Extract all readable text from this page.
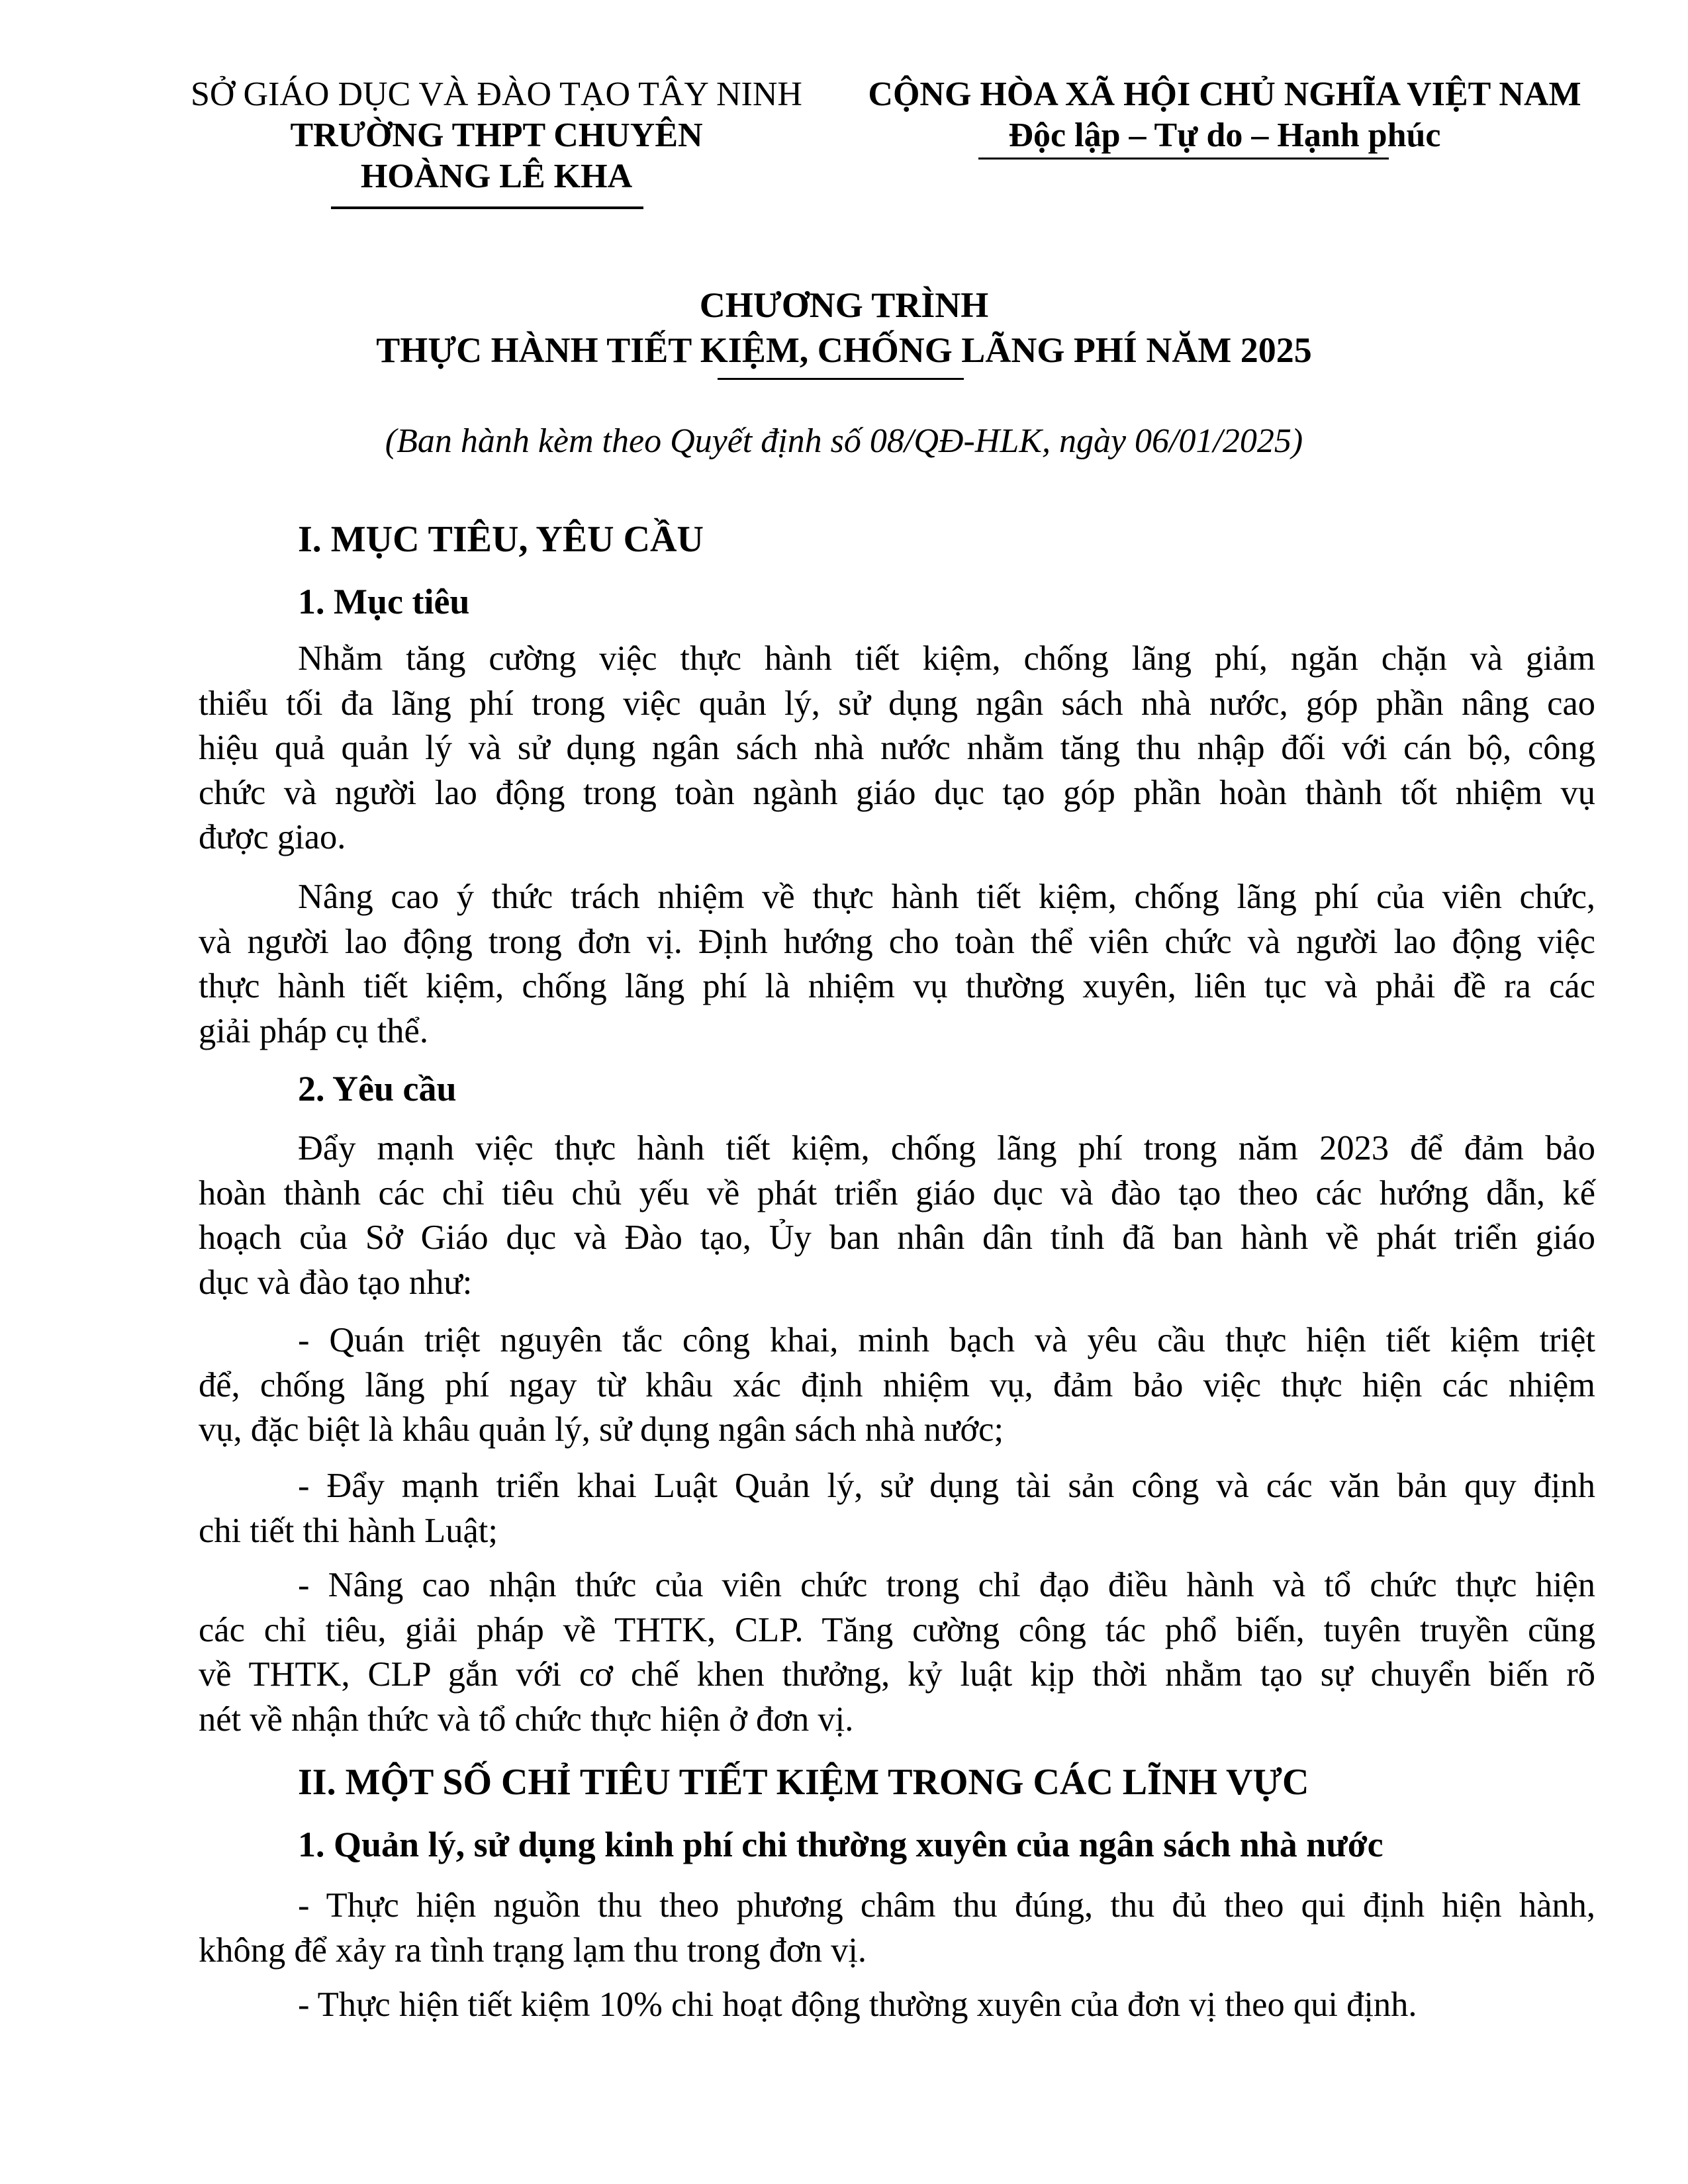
SỞ GIÁO DỤC VÀ ĐÀO TẠO TÂY NINH
TRƯỜNG THPT CHUYÊN
HOÀNG LÊ KHA
CỘNG HÒA XÃ HỘI CHỦ NGHĨA VIỆT NAM
Độc lập – Tự do – Hạnh phúc
CHƯƠNG TRÌNH
THỰC HÀNH TIẾT KIỆM, CHỐNG LÃNG PHÍ NĂM 2025
(Ban hành kèm theo Quyết định số 08/QĐ-HLK, ngày 06/01/2025)
I. MỤC TIÊU, YÊU CẦU
1. Mục tiêu
Nhằm tăng cường việc thực hành tiết kiệm, chống lãng phí, ngăn chặn và giảm
thiểu tối đa lãng phí trong việc quản lý, sử dụng ngân sách nhà nước, góp phần nâng cao
hiệu quả quản lý và sử dụng ngân sách nhà nước nhằm tăng thu nhập đối với cán bộ, công
chức và người lao động trong toàn ngành giáo dục tạo góp phần hoàn thành tốt nhiệm vụ
được giao.
Nâng cao ý thức trách nhiệm về thực hành tiết kiệm, chống lãng phí của viên chức,
và người lao động trong đơn vị. Định hướng cho toàn thể viên chức và người lao động việc
thực hành tiết kiệm, chống lãng phí là nhiệm vụ thường xuyên, liên tục và phải đề ra các
giải pháp cụ thể.
2. Yêu cầu
Đẩy mạnh việc thực hành tiết kiệm, chống lãng phí trong năm 2023 để đảm bảo
hoàn thành các chỉ tiêu chủ yếu về phát triển giáo dục và đào tạo theo các hướng dẫn, kế
hoạch của Sở Giáo dục và Đào tạo, Ủy ban nhân dân tỉnh đã ban hành về phát triển giáo
dục và đào tạo như:
- Quán triệt nguyên tắc công khai, minh bạch và yêu cầu thực hiện tiết kiệm triệt
để, chống lãng phí ngay từ khâu xác định nhiệm vụ, đảm bảo việc thực hiện các nhiệm
vụ, đặc biệt là khâu quản lý, sử dụng ngân sách nhà nước;
- Đẩy mạnh triển khai Luật Quản lý, sử dụng tài sản công và các văn bản quy định
chi tiết thi hành Luật;
- Nâng cao nhận thức của viên chức trong chỉ đạo điều hành và tổ chức thực hiện
các chỉ tiêu, giải pháp về THTK, CLP. Tăng cường công tác phổ biến, tuyên truyền cũng
về THTK, CLP gắn với cơ chế khen thưởng, kỷ luật kịp thời nhằm tạo sự chuyển biến rõ
nét về nhận thức và tổ chức thực hiện ở đơn vị.
II. MỘT SỐ CHỈ TIÊU TIẾT KIỆM TRONG CÁC LĨNH VỰC
1. Quản lý, sử dụng kinh phí chi thường xuyên của ngân sách nhà nước
- Thực hiện nguồn thu theo phương châm thu đúng, thu đủ theo qui định hiện hành,
không để xảy ra tình trạng lạm thu trong đơn vị.
- Thực hiện tiết kiệm 10% chi hoạt động thường xuyên của đơn vị theo qui định.
